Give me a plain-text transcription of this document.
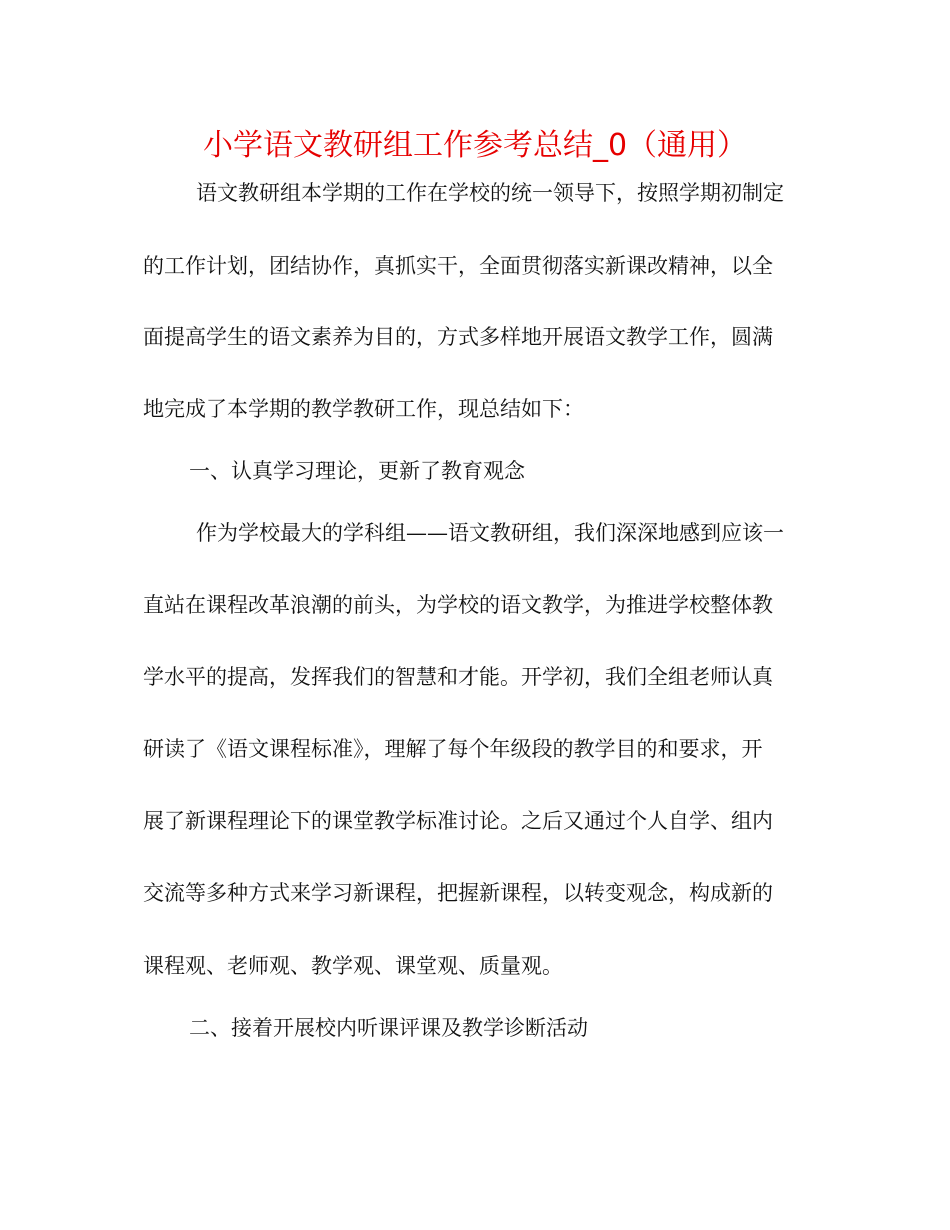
小学语文教研组工作参考总结_0（通用）

语文教研组本学期的工作在学校的统一领导下，按照学期初制定

的工作计划，团结协作，真抓实干，全面贯彻落实新课改精神，以全

面提高学生的语文素养为目的，方式多样地开展语文教学工作，圆满

地完成了本学期的教学教研工作，现总结如下：

一、认真学习理论，更新了教育观念

作为学校最大的学科组——语文教研组，我们深深地感到应该一

直站在课程改革浪潮的前头，为学校的语文教学，为推进学校整体教

学水平的提高，发挥我们的智慧和才能。开学初，我们全组老师认真

研读了《语文课程标准》，理解了每个年级段的教学目的和要求，开

展了新课程理论下的课堂教学标准讨论。之后又通过个人自学、组内

交流等多种方式来学习新课程，把握新课程，以转变观念，构成新的

课程观、老师观、教学观、课堂观、质量观。

二、接着开展校内听课评课及教学诊断活动
